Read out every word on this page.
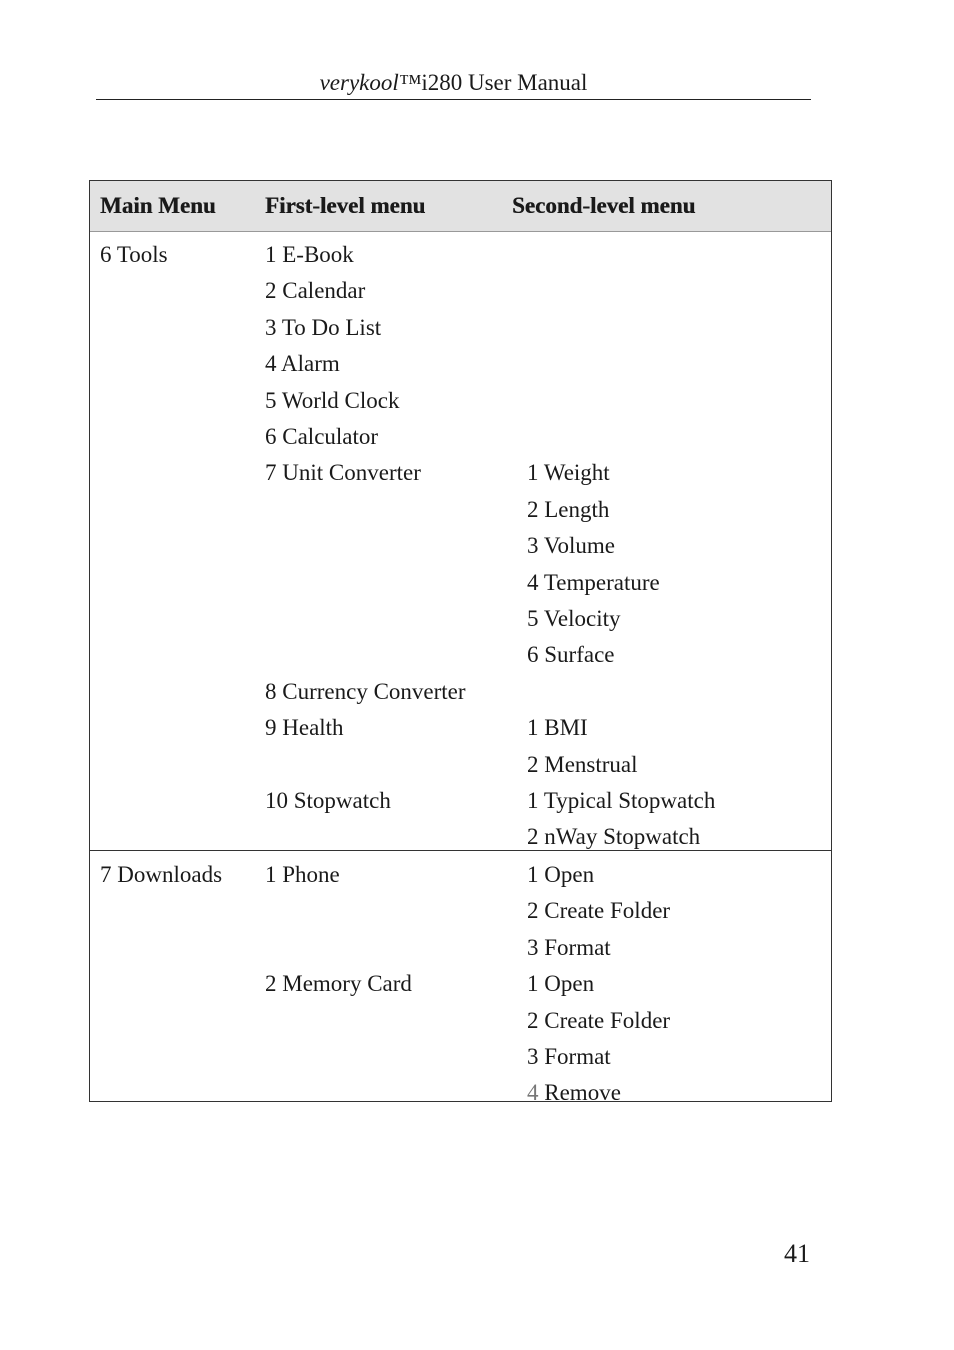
verykool™i280 User Manual
Main Menu First-level menu	Second-level menu
6 Tools	1 E-Book
2 Calendar
3 To Do List
4 Alarm
5 World Clock
6 Calculator
7 Unit Converter
8 Currency Converter
9 Health
10 Stopwatch
1 Weight
2 Length
3 Volume
4 Temperature
5 Velocity
6 Surface
1 BMI
2 Menstrual
1 Typical Stopwatch
2 nWay Stopwatch
7 Downloads 1 Phone
2 Memory Card
1 Open
2 Create Folder
3 Format
1 Open
2 Create Folder
3 Format
4 Remove
41
